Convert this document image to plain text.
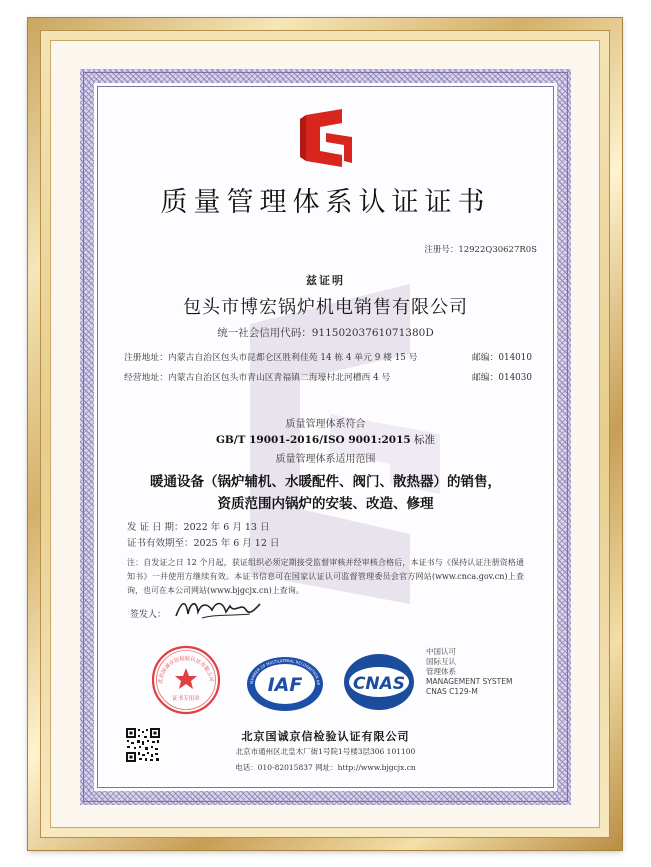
质量管理体系认证证书
注册号：12922Q30627R0S
兹证明
包头市博宏锅炉机电销售有限公司
统一社会信用代码：91150203761071380D
注册地址：内蒙古自治区包头市昆都仑区胜利佳苑 14 栋 4 单元 9 楼 15 号	邮编：014010
经营地址：内蒙古自治区包头市青山区青福镇二海壕村北河槽西 4 号	邮编：014030
质量管理体系符合
GB/T 19001-2016/ISO 9001:2015 标准
质量管理体系适用范围
暖通设备（锅炉辅机、水暖配件、阀门、散热器）的销售，
资质范围内锅炉的安装、改造、修理
发 证 日 期：2022 年 6 月 13 日
证书有效期至：2025 年 6 月 12 日
注：自发证之日 12 个月起，获证组织必须定期接受监督审核并经审核合格后，本证书与《保持认证注册资格通知书》一并使用方继续有效。本证书信息可在国家认证认可监督管理委员会官方网站(www.cnca.gov.cn)上查询，也可在本公司网站(www.bjgcjx.cn)上查询。
签发人：
北京国诚京信检验认证有限公司
证书专用章
MEMBER OF MULTILATERAL RECOGNITION AR
IAF	CNAS
中国认可
国际互认
管理体系
MANAGEMENT SYSTEM
CNAS C129-M
北京国诚京信检验认证有限公司
北京市通州区北皇木厂街1号院1号楼3层306 101100
电话：010-82015837 网址：http://www.bjgcjx.cn
